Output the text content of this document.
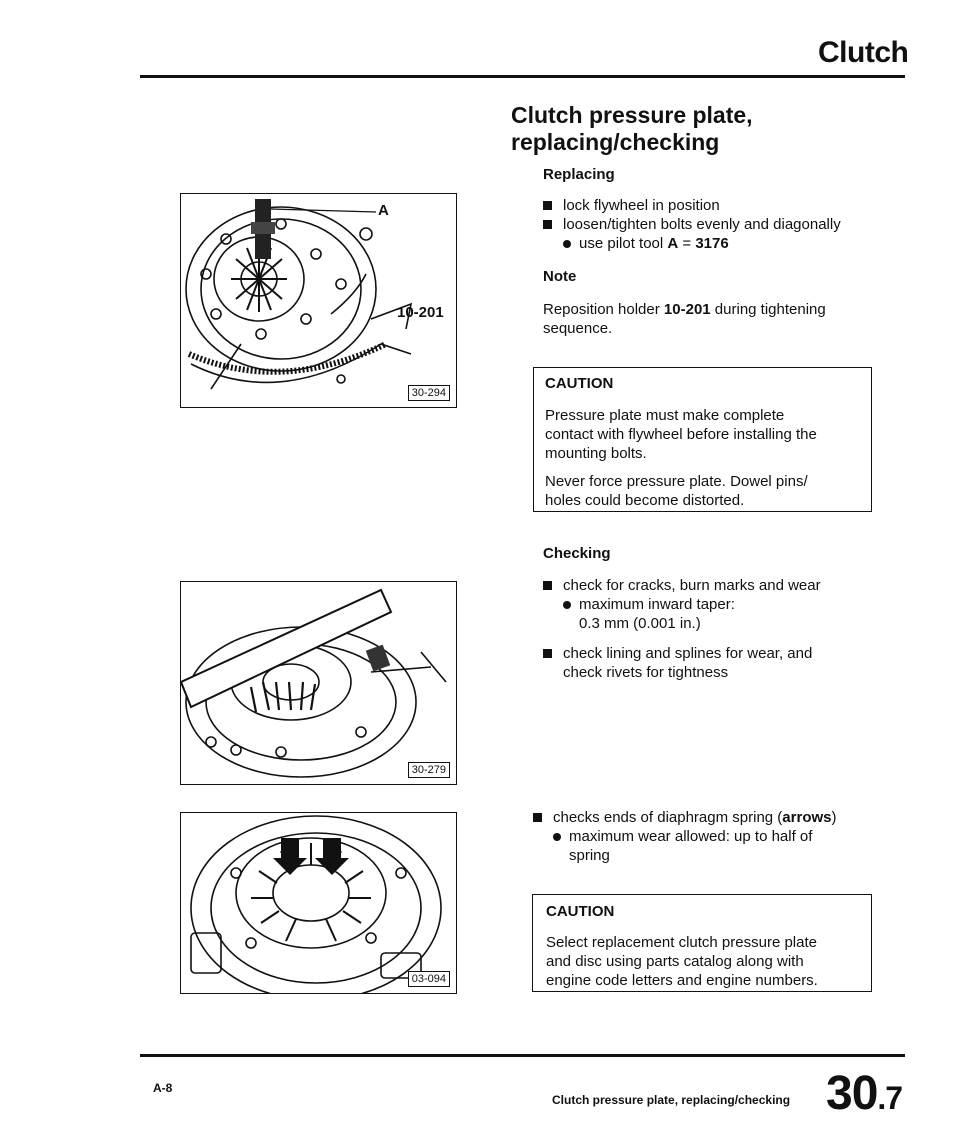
Clutch
Clutch pressure plate,
replacing/checking
Replacing
lock flywheel in position
loosen/tighten bolts evenly and diagonally
use pilot tool A = 3176
Note
Reposition holder 10-201 during tightening
sequence.
CAUTION
Pressure plate must make complete
contact with flywheel before installing the
mounting bolts.
Never force pressure plate. Dowel pins/
holes could become distorted.
Checking
check for cracks, burn marks and wear
maximum inward taper:
0.3 mm (0.001 in.)
check lining and splines for wear, and
check rivets for tightness
checks ends of diaphragm spring (arrows)
maximum wear allowed: up to half of
spring
CAUTION
Select replacement clutch pressure plate
and disc using parts catalog along with
engine code letters and engine numbers.
A
10-201
30-294
30-279
03-094
A-8
Clutch pressure plate, replacing/checking 30.7
